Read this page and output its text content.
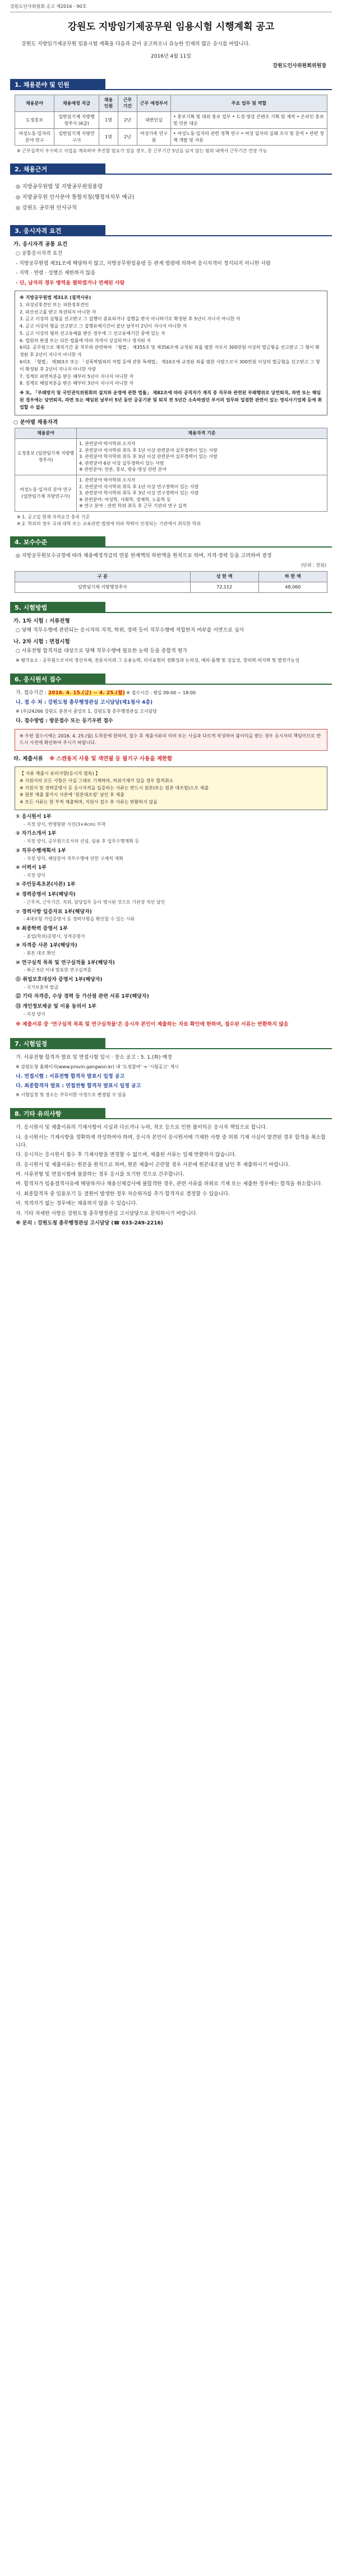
강원도인사위원회 공고 제2016 - 90호
강원도 지방임기제공무원 임용시험 시행계획 공고
강원도 지방임기제공무원 임용시험 계획을 다음과 같이 공고하오니 유능한 인재의 많은 응시를 바랍니다.
2016년 4월 11일
강원도인사위원회위원장
1. 채용분야 및 인원
채용분야	채용예정 직급	채용 인원	근무 기간	근무 예정부서	주요 업무 및 역할
도정홍보	일반임기제 지방행정주사 (6급)	1명	2년	대변인실	• 홍보기획 및 대외 홍보 업무 • 도정 영상 콘텐츠 기획 및 제작 • 온라인 홍보 및 언론 대응
여성노동·일자리 분야 연구	일반임기제 지방연구사	1명	2년	여성가족 연구원	• 여성노동·일자리 관련 정책 연구 • 여성 일자리 실태 조사 및 분석 • 관련 정책 개발 및 자문
※ 근무실적이 우수하고 사업을 계속하여 추진할 필요가 있을 경우, 총 근무기간 5년을 넘지 않는 범위 내에서 근무기간 연장 가능
2. 채용근거
◎ 지방공무원법 및 지방공무원임용령
◎ 지방공무원 인사분야 통합지침(행정자치부 예규)
◎ 강원도 공무원 인사규칙
3. 응시자격 요건
가. 응시자격 공통 요건
○ 공통응시자격 요건
- 지방공무원법 제31조에 해당하지 않고, 지방공무원임용령 등 관계 법령에 의하여 응시자격이 정지되지 아니한 사람
- 지역 · 연령 · 성별은 제한하지 않음
- 단, 남자의 경우 병역을 필하였거나 면제된 사람
※ 지방공무원법 제31조 (결격사유)
1. 피성년후견인 또는 피한정후견인
2. 파산선고를 받고 복권되지 아니한 자
3. 금고 이상의 실형을 선고받고 그 집행이 종료되거나 집행을 받지 아니하기로 확정된 후 5년이 지나지 아니한 자
4. 금고 이상의 형을 선고받고 그 집행유예기간이 끝난 날부터 2년이 지나지 아니한 자
5. 금고 이상의 형의 선고유예를 받은 경우에 그 선고유예기간 중에 있는 자
6. 법원의 판결 또는 다른 법률에 따라 자격이 상실되거나 정지된 자
6의2. 공무원으로 재직기간 중 직무와 관련하여 「형법」 제355조 및 제356조에 규정된 죄를 범한 자로서 300만원 이상의 벌금형을 선고받고 그 형이 확정된 후 2년이 지나지 아니한 자
6의3. 「형법」 제303조 또는 「성폭력범죄의 처벌 등에 관한 특례법」 제10조에 규정된 죄를 범한 사람으로서 300만원 이상의 벌금형을 선고받고 그 형이 확정된 후 2년이 지나지 아니한 사람
7. 징계로 파면처분을 받은 때부터 5년이 지나지 아니한 자
8. 징계로 해임처분을 받은 때부터 3년이 지나지 아니한 자
※ 또, 「부패방지 및 국민권익위원회의 설치와 운영에 관한 법률」 제82조에 따라 공직자가 재직 중 직무와 관련된 부패행위로 당연퇴직, 파면 또는 해임된 경우에는 당연퇴직, 파면 또는 해임된 날부터 5년 동안 공공기관 및 퇴직 전 5년간 소속하였던 부서의 업무와 밀접한 관련이 있는 영리사기업체 등에 취업할 수 없음
○ 분야별 채용자격
채용분야	채용자격 기준
도정홍보 (일반임기제 지방행정주사)	1. 관련분야 박사학위 소지자
2. 관련분야 석사학위 취득 후 1년 이상 관련분야 실무경력이 있는 사람
3. 관련분야 학사학위 취득 후 3년 이상 관련분야 실무경력이 있는 사람
4. 관련분야 6년 이상 실무경력이 있는 사람
※ 관련분야: 언론, 홍보, 방송·영상 관련 분야
여성노동·일자리 분야 연구 (일반임기제 지방연구사)	1. 관련분야 박사학위 소지자
2. 관련분야 석사학위 취득 후 1년 이상 연구경력이 있는 사람
3. 관련분야 학사학위 취득 후 3년 이상 연구경력이 있는 사람
※ 관련분야: 여성학, 사회학, 경제학, 노동학 등
※ 연구 분야 : 관련 학위 취득 후 근무 기관의 연구 실적
※ 1. 공고일 현재 자격요건 충족 기준
※ 2. 학위의 경우 국내 대학 또는 교육관련 법령에 따라 학력이 인정되는 기관에서 취득한 학위
4. 보수수준
◎ 지방공무원보수규정에 따라 채용예정직급의 연봉 한계액의 하한액을 원칙으로 하며, 자격·경력 등을 고려하여 결정
(단위 : 천원)
구 분	상 한 액	하 한 액
일반임기제 지방행정주사	72,112	48,060
5. 시험방법
가. 1차 시험 : 서류전형
○ 당해 직무수행에 관련되는 응시자의 자격, 학위, 경력 등이 직무수행에 적합한지 여부를 서면으로 심사
나. 2차 시험 : 면접시험
○ 서류전형 합격자를 대상으로 당해 직무수행에 필요한 능력 등을 종합적 평가
※ 평가요소 : 공무원으로서의 정신자세, 전문지식과 그 응용능력, 의사표현의 정확성과 논리성, 예의·품행 및 성실성, 창의력·의지력 및 발전가능성
6. 응시원서 접수
가. 접수기간 : 2016. 4. 15.(금) ~ 4. 25.(월) ※ 접수시간 : 평일 09:00 ~ 18:00
나. 접 수 처 : 강원도청 총무행정관실 고시담당(제1청사 4층)
※ (우)24266 강원도 춘천시 중앙로 1, 강원도청 총무행정관실 고시담당
다. 접수방법 : 방문접수 또는 등기우편 접수
※ 우편 접수시에는 2016. 4. 25.(월) 도착분에 한하며, 접수 후 제출서류의 미비 또는 사실과 다르게 작성하여 불이익을 받는 경우 응시자의 책임이므로 반드시 사전에 확인하여 주시기 바랍니다.
라. 제출서류 ※ 스캔용지 사용 및 색연필 등 필기구 사용을 제한함
【 서류 제출시 유의사항(응시자 필독) 】
※ 지원서의 모든 사항은 사실 그대로 기재하며, 허위기재가 있을 경우 합격취소
※ 지원서 및 경력증명서 등 응시자격을 입증하는 서류는 반드시 원본(또는 원본 대조필)으로 제출
※ 원본 제출 불가시 사본에 ‘원본대조필’ 날인 후 제출
※ 모든 서류는 한 부씩 제출하며, 지원서 접수 후 서류는 반환하지 않음
① 응시원서 1부
- 지정 양식, 반명함판 사진(3×4cm) 부착
② 자기소개서 1부
- 지정 양식, 공무원으로서의 신념, 임용 후 업무수행계획 등
③ 직무수행계획서 1부
- 지정 양식, 해당분야 직무수행에 관한 구체적 계획
④ 이력서 1부
- 지정 양식
⑤ 주민등록초본(사본) 1부
⑥ 경력증명서 1부(해당자)
- 근무처, 근무기간, 직위, 담당업무 등이 명시된 것으로 기관장 직인 날인
⑦ 경력사항 입증자료 1부(해당자)
- 4대보험 가입증명서 등 경력사항을 확인할 수 있는 서류
⑧ 최종학력 증명서 1부
- 졸업(학위)증명서, 성적증명서
⑨ 자격증 사본 1부(해당자)
- 원본 대조 확인
⑩ 연구실적 목록 및 연구실적물 1부(해당자)
- 최근 5년 이내 발표한 연구실적물
⑪ 취업보호대상자 증명서 1부(해당자)
- 국가보훈처 발급
⑫ 기타 자격증, 수상 경력 등 가산점 관련 서류 1부(해당자)
⑬ 개인정보제공 및 이용 동의서 1부
- 지정 양식
※ 제출서류 중 ‘연구실적 목록 및 연구실적물’은 응시자 본인이 제출하는 자료 확인에 한하며, 접수된 서류는 반환하지 않음
7. 시험일정
가. 서류전형 합격자 발표 및 면접시험 일시 · 장소 공고 : 5. 1.(화) 예정
※ 강원도청 홈페이지(www.provin.gangwon.kr) 내 ‘도정참여’ → ‘시험공고’ 게시
나. 면접시험 : 서류전형 합격자 발표시 일정 공고
다. 최종합격자 발표 : 면접전형 합격자 발표시 일정 공고
※ 시험일정 및 장소는 부득이한 사정으로 변경될 수 있음
8. 기타 유의사항
가. 응시원서 및 제출서류의 기재사항이 사실과 다르거나 누락, 착오 등으로 인한 불이익은 응시자 책임으로 합니다.
나. 응시원서는 기재사항을 정확하게 작성하여야 하며, 응시자 본인이 응시원서에 기재한 사항 중 허위 기재 사실이 발견된 경우 합격을 취소합니다.
다. 응시자는 응시원서 접수 후 기재사항을 변경할 수 없으며, 제출된 서류는 일체 반환하지 않습니다.
라. 응시원서 및 제출서류는 원본을 원칙으로 하며, 원본 제출이 곤란할 경우 사본에 원본대조필 날인 후 제출하시기 바랍니다.
마. 서류전형 및 면접시험에 불참하는 경우 응시를 포기한 것으로 간주합니다.
바. 합격자가 임용결격사유에 해당하거나 채용신체검사에 불합격한 경우, 관련 서류를 허위로 기재 또는 제출한 경우에는 합격을 취소합니다.
사. 최종합격자 중 임용포기 등 결원이 발생한 경우 차순위자를 추가 합격자로 결정할 수 있습니다.
아. 적격자가 없는 경우에는 채용하지 않을 수 있습니다.
자. 기타 자세한 사항은 강원도청 총무행정관실 고시담당으로 문의하시기 바랍니다.
※ 문의 : 강원도청 총무행정관실 고시담당 (☎ 033-249-2216)
